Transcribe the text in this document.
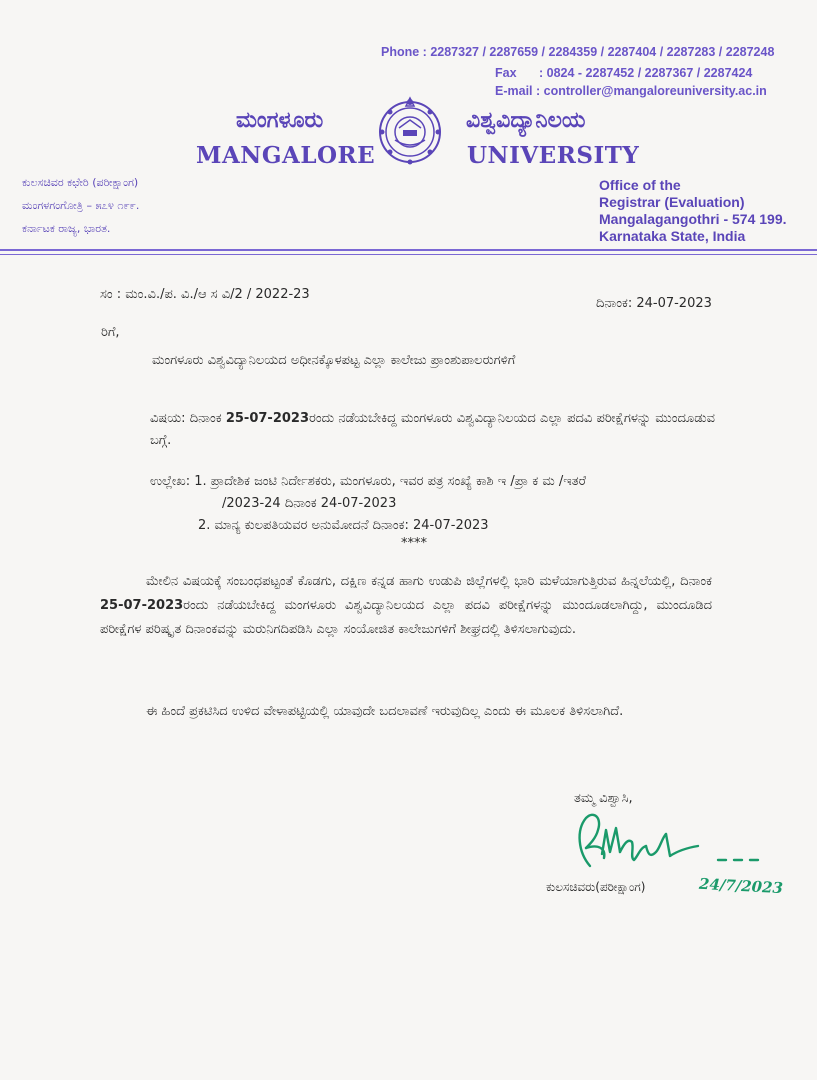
Phone : 2287327 / 2287659 / 2284359 / 2287404 / 2287283 / 2287248
Fax : 0824 - 2287452 / 2287367 / 2287424
E-mail : controller@mangaloreuniversity.ac.in
ಮಂಗಳೂರು	ವಿಶ್ವವಿದ್ಯಾನಿಲಯ
MANGALORE	UNIVERSITY
ಕುಲಸಚಿವರ ಕಛೇರಿ (ಪರೀಕ್ಷಾಂಗ)
ಮಂಗಳಗಂಗೋತ್ರಿ – ೫೭೪ ೧೯೯.
ಕರ್ನಾಟಕ ರಾಜ್ಯ, ಭಾರತ.
Office of the
Registrar (Evaluation)
Mangalagangothri - 574 199.
Karnataka State, India
ಸಂ : ಮಂ.ವಿ./ಪ. ವಿ./ಆ ಸ ವಿ/2 / 2022-23
ದಿನಾಂಕ: 24-07-2023
ರಿಗೆ,
ಮಂಗಳೂರು ವಿಶ್ವವಿದ್ಯಾನಿಲಯದ ಅಧೀನಕ್ಕೊಳಪಟ್ಟ ಎಲ್ಲಾ ಕಾಲೇಜು ಪ್ರಾಂಶುಪಾಲರುಗಳಿಗೆ
ವಿಷಯ: ದಿನಾಂಕ 25-07-2023ರಂದು ನಡೆಯಬೇಕಿದ್ದ ಮಂಗಳೂರು ವಿಶ್ವವಿದ್ಯಾನಿಲಯದ ಎಲ್ಲಾ ಪದವಿ ಪರೀಕ್ಷೆಗಳನ್ನು ಮುಂದೂಡುವ ಬಗ್ಗೆ.
ಉಲ್ಲೇಖ: 1. ಪ್ರಾದೇಶಿಕ ಜಂಟಿ ನಿರ್ದೇಶಕರು, ಮಂಗಳೂರು, ಇವರ ಪತ್ರ ಸಂಖ್ಯೆ ಕಾಶಿ ಇ /ಪ್ರಾ ಕ ಮ /ಇತರೆ
/2023-24 ದಿನಾಂಕ 24-07-2023
2. ಮಾನ್ಯ ಕುಲಪತಿಯವರ ಅನುಮೋದನೆ ದಿನಾಂಕ: 24-07-2023
****
ಮೇಲಿನ ವಿಷಯಕ್ಕೆ ಸಂಬಂಧಪಟ್ಟಂತೆ ಕೊಡಗು, ದಕ್ಷಿಣ ಕನ್ನಡ ಹಾಗು ಉಡುಪಿ ಜಿಲ್ಲೆಗಳಲ್ಲಿ ಭಾರಿ ಮಳೆಯಾಗುತ್ತಿರುವ ಹಿನ್ನಲೆಯಲ್ಲಿ, ದಿನಾಂಕ 25-07-2023ರಂದು ನಡೆಯಬೇಕಿದ್ದ ಮಂಗಳೂರು ವಿಶ್ವವಿದ್ಯಾನಿಲಯದ ಎಲ್ಲಾ ಪದವಿ ಪರೀಕ್ಷೆಗಳನ್ನು ಮುಂದೂಡಲಾಗಿದ್ದು, ಮುಂದೂಡಿದ ಪರೀಕ್ಷೆಗಳ ಪರಿಷ್ಕೃತ ದಿನಾಂಕವನ್ನು ಮರುನಿಗದಿಪಡಿಸಿ ಎಲ್ಲಾ ಸಂಯೋಜಿತ ಕಾಲೇಜುಗಳಿಗೆ ಶೀಘ್ರದಲ್ಲಿ ತಿಳಿಸಲಾಗುವುದು.
ಈ ಹಿಂದೆ ಪ್ರಕಟಿಸಿದ ಉಳಿದ ವೇಳಾಪಟ್ಟಿಯಲ್ಲಿ ಯಾವುದೇ ಬದಲಾವಣೆ ಇರುವುದಿಲ್ಲ ಎಂದು ಈ ಮೂಲಕ ತಿಳಿಸಲಾಗಿದೆ.
ತಮ್ಮ ವಿಶ್ವಾಸಿ,
ಕುಲಸಚಿವರು(ಪರೀಕ್ಷಾಂಗ)	24/7/2023
